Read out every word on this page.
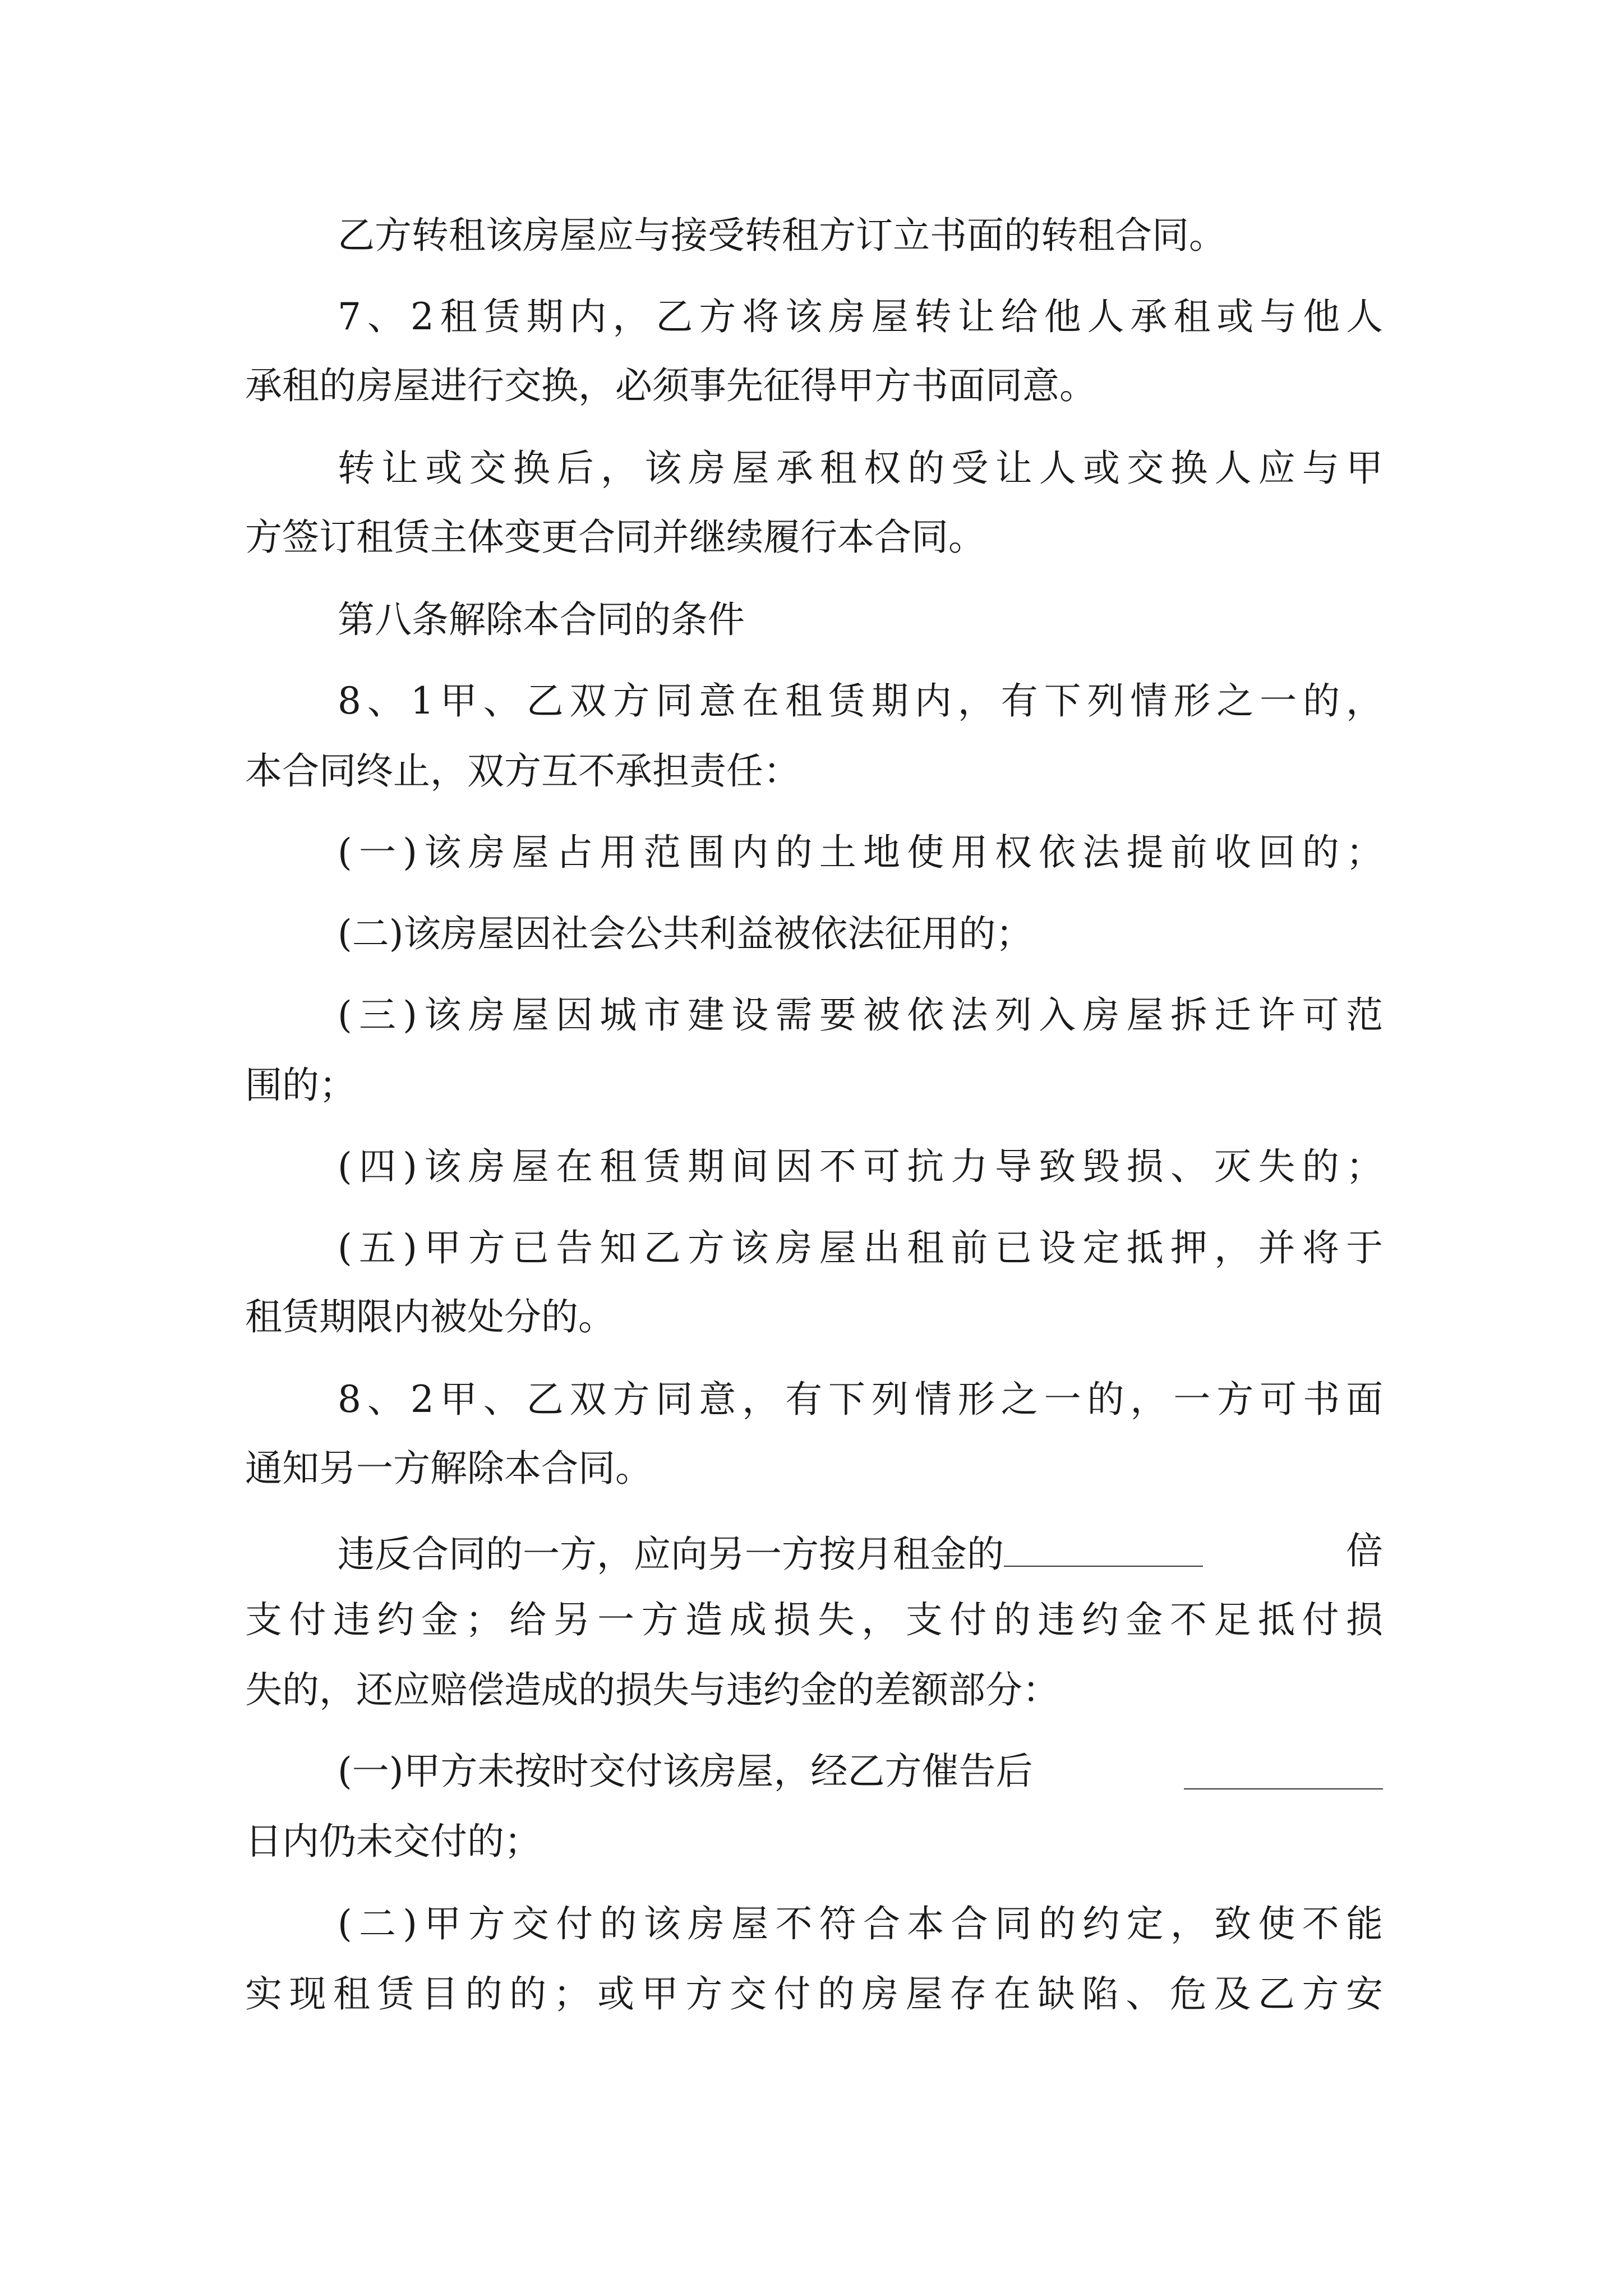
乙方转租该房屋应与接受转租方订立书面的转租合同。
7、2租赁期内，乙方将该房屋转让给他人承租或与他人
承租的房屋进行交换，必须事先征得甲方书面同意。
转让或交换后，该房屋承租权的受让人或交换人应与甲
方签订租赁主体变更合同并继续履行本合同。
第八条解除本合同的条件
8、1甲、乙双方同意在租赁期内，有下列情形之一的，
本合同终止，双方互不承担责任：
(一)该房屋占用范围内的土地使用权依法提前收回的；
(二)该房屋因社会公共利益被依法征用的；
(三)该房屋因城市建设需要被依法列入房屋拆迁许可范
围的；
(四)该房屋在租赁期间因不可抗力导致毁损、灭失的；
(五)甲方已告知乙方该房屋出租前已设定抵押，并将于
租赁期限内被处分的。
8、2甲、乙双方同意，有下列情形之一的，一方可书面
通知另一方解除本合同。
违反合同的一方，应向另一方按月租金的	倍
支付违约金；给另一方造成损失，支付的违约金不足抵付损
失的，还应赔偿造成的损失与违约金的差额部分：
(一)甲方未按时交付该房屋，经乙方催告后
日内仍未交付的；
(二)甲方交付的该房屋不符合本合同的约定，致使不能
实现租赁目的的；或甲方交付的房屋存在缺陷、危及乙方安
